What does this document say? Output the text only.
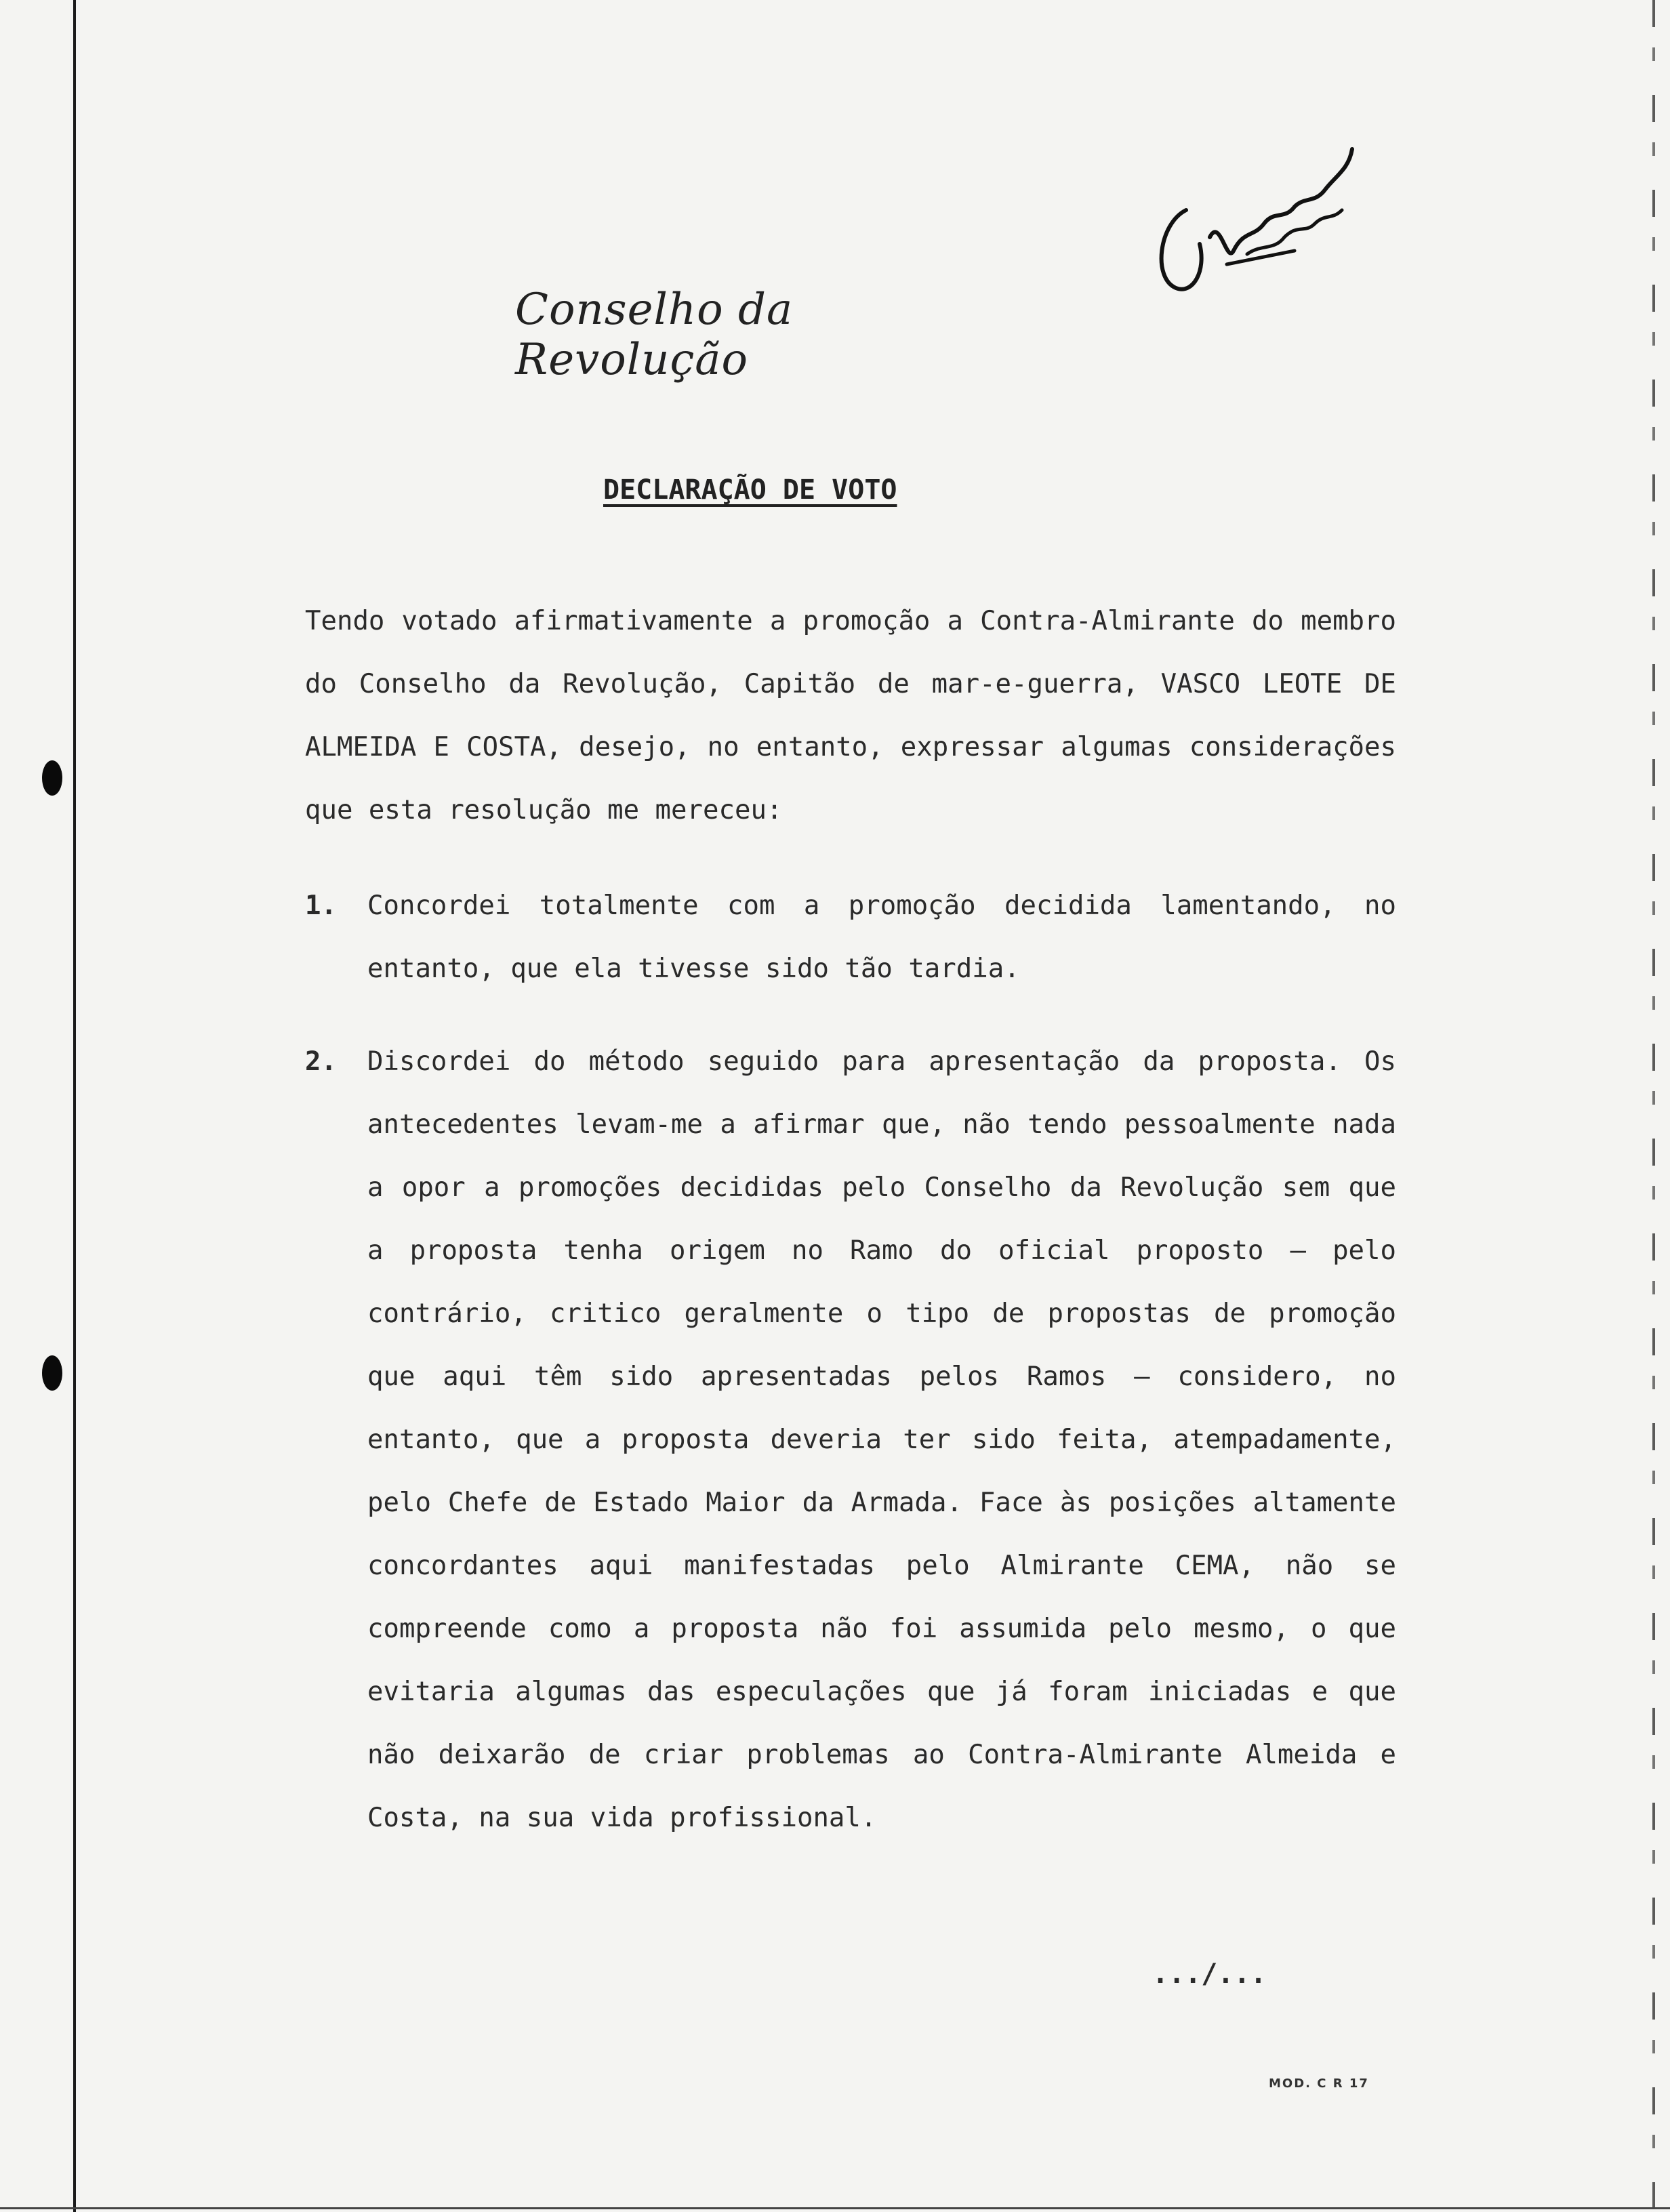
Conselho da Revolução
DECLARAÇÃO DE VOTO
Tendo votado afirmativamente a promoção a Contra-Almirante do membro do Conselho da Revolução, Capitão de mar-e-guerra, VASCO LEOTE DE ALMEIDA E COSTA, desejo, no entanto, expressar algumas considerações que esta resolução me mereceu:
1. Concordei totalmente com a promoção decidida lamentando, no entanto, que ela tivesse sido tão tardia.
2. Discordei do método seguido para apresentação da proposta. Os antecedentes levam-me a afirmar que, não tendo pessoalmente nada a opor a promoções decididas pelo Conselho da Revolução sem que a proposta tenha origem no Ramo do oficial proposto — pelo contrário, critico geralmente o tipo de propostas de promoção que aqui têm sido apresentadas pelos Ramos — considero, no entanto, que a proposta deveria ter sido feita, atempadamente, pelo Chefe de Estado Maior da Armada. Face às posições altamente concordantes aqui manifestadas pelo Almirante CEMA, não se compreende como a proposta não foi assumida pelo mesmo, o que evitaria algumas das especulações que já foram iniciadas e que não deixarão de criar problemas ao Contra-Almirante Almeida e Costa, na sua vida profissional.
.../...
MOD. C R 17
